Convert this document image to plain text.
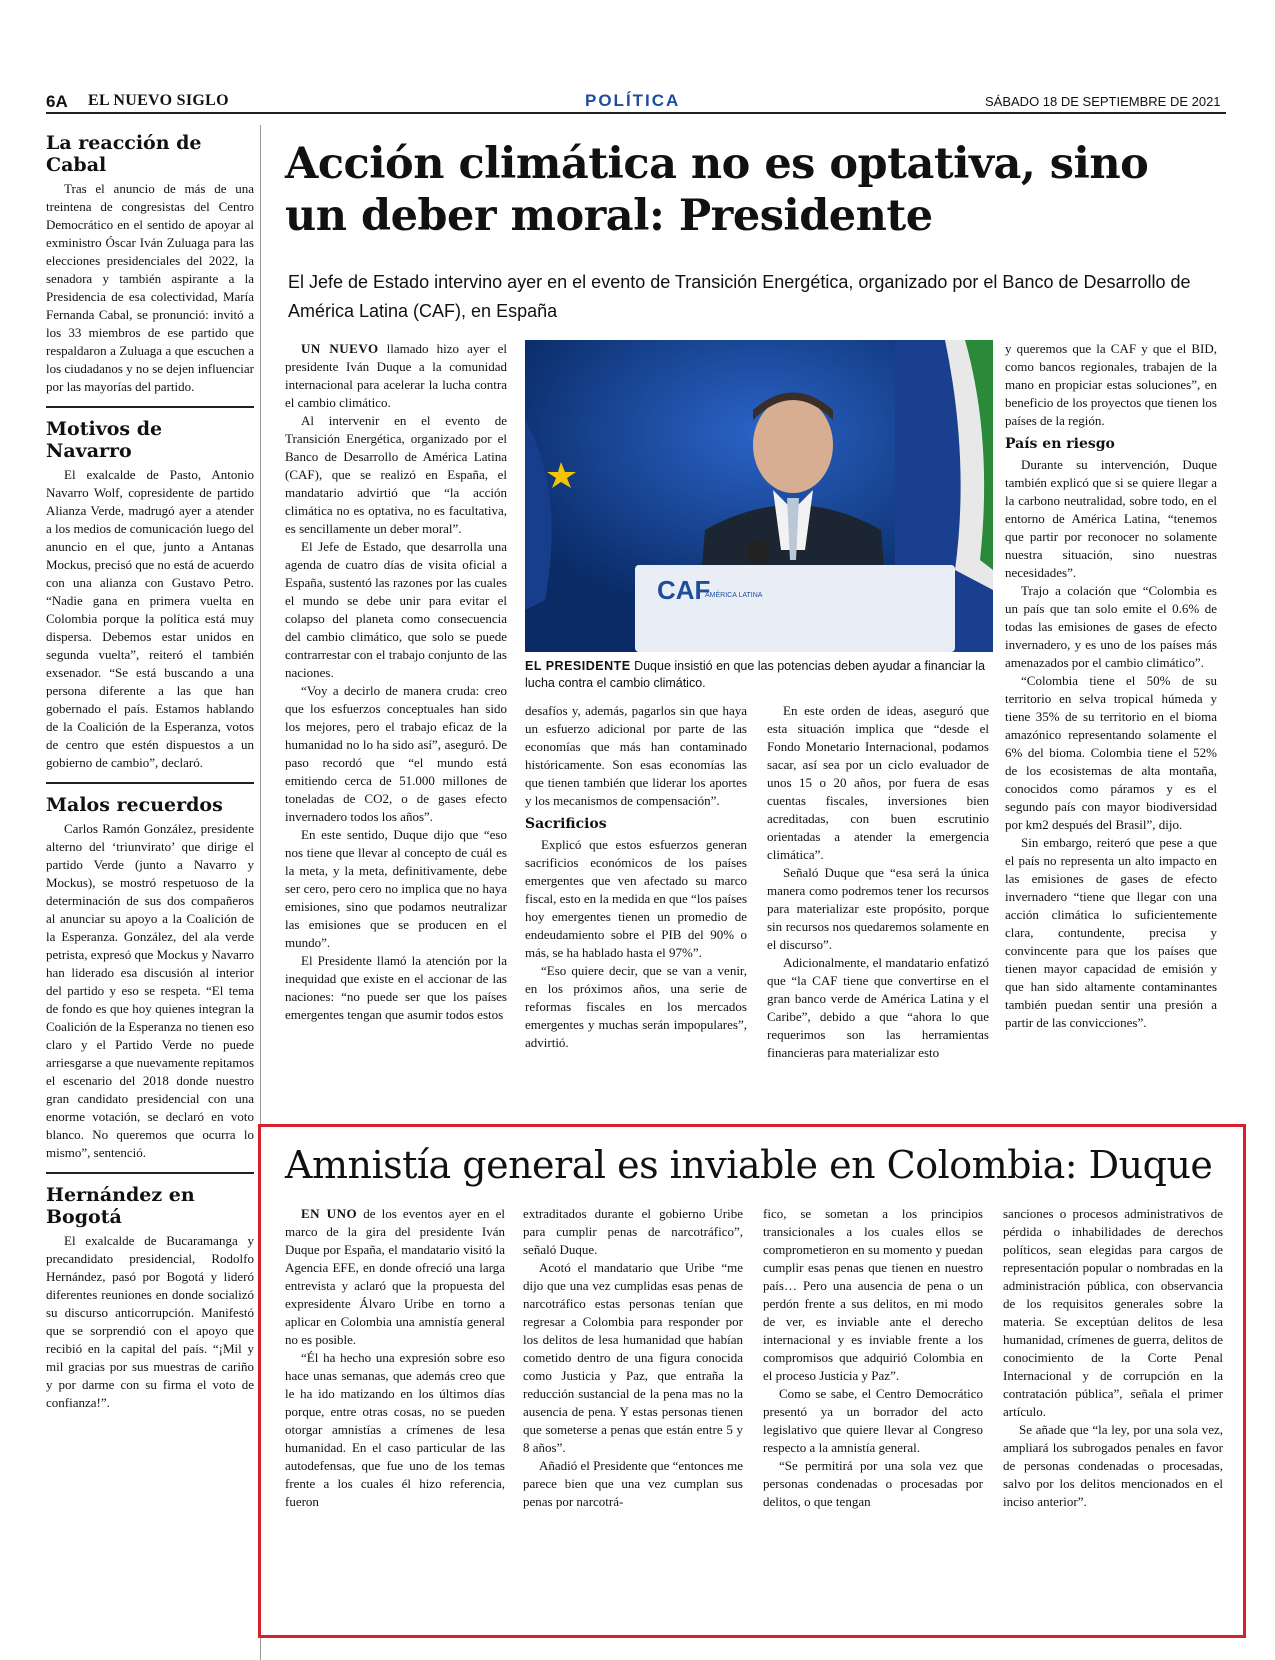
6A EL NUEVO SIGLO	POLÍTICA	SÁBADO 18 DE SEPTIEMBRE DE 2021
La reacción de Cabal

Tras el anuncio de más de una treintena de congresistas del Centro Democrático en el sentido de apoyar al exministro Óscar Iván Zuluaga para las elecciones presidenciales del 2022, la senadora y también aspirante a la Presidencia de esa colectividad, María Fernanda Cabal, se pronunció: invitó a los 33 miembros de ese partido que respaldaron a Zuluaga a que escuchen a los ciudadanos y no se dejen influenciar por las mayorías del partido.

Motivos de Navarro

El exalcalde de Pasto, Antonio Navarro Wolf, copresidente de partido Alianza Verde, madrugó ayer a atender a los medios de comunicación luego del anuncio en el que, junto a Antanas Mockus, precisó que no está de acuerdo con una alianza con Gustavo Petro. “Nadie gana en primera vuelta en Colombia porque la política está muy dispersa. Debemos estar unidos en segunda vuelta”, reiteró el también exsenador. “Se está buscando a una persona diferente a las que han gobernado el país. Estamos hablando de la Coalición de la Esperanza, votos de centro que estén dispuestos a un gobierno de cambio”, declaró.

Malos recuerdos

Carlos Ramón González, presidente alterno del ‘triunvirato’ que dirige el partido Verde (junto a Navarro y Mockus), se mostró respetuoso de la determinación de sus dos compañeros al anunciar su apoyo a la Coalición de la Esperanza. González, del ala verde petrista, expresó que Mockus y Navarro han liderado esa discusión al interior del partido y eso se respeta. “El tema de fondo es que hoy quienes integran la Coalición de la Esperanza no tienen eso claro y el Partido Verde no puede arriesgarse a que nuevamente repitamos el escenario del 2018 donde nuestro gran candidato presidencial con una enorme votación, se declaró en voto blanco. No queremos que ocurra lo mismo”, sentenció.

Hernández en Bogotá

El exalcalde de Bucaramanga y precandidato presidencial, Rodolfo Hernández, pasó por Bogotá y lideró diferentes reuniones en donde socializó su discurso anticorrupción. Manifestó que se sorprendió con el apoyo que recibió en la capital del país. “¡Mil y mil gracias por sus muestras de cariño y por darme con su firma el voto de confianza!”.

Acción climática no es optativa, sino un deber moral: Presidente
El Jefe de Estado intervino ayer en el evento de Transición Energética, organizado por el Banco de Desarrollo de América Latina (CAF), en España

UN NUEVO llamado hizo ayer el presidente Iván Duque a la comunidad internacional para acelerar la lucha contra el cambio climático.

Al intervenir en el evento de Transición Energética, organizado por el Banco de Desarrollo de América Latina (CAF), que se realizó en España, el mandatario advirtió que “la acción climática no es optativa, no es facultativa, es sencillamente un deber moral”.

El Jefe de Estado, que desarrolla una agenda de cuatro días de visita oficial a España, sustentó las razones por las cuales el mundo se debe unir para evitar el colapso del planeta como consecuencia del cambio climático, que solo se puede contrarrestar con el trabajo conjunto de las naciones.

“Voy a decirlo de manera cruda: creo que los esfuerzos conceptuales han sido los mejores, pero el trabajo eficaz de la humanidad no lo ha sido así”, aseguró. De paso recordó que “el mundo está emitiendo cerca de 51.000 millones de toneladas de CO2, o de gases efecto invernadero todos los años”.

En este sentido, Duque dijo que “eso nos tiene que llevar al concepto de cuál es la meta, y la meta, definitivamente, debe ser cero, pero cero no implica que no haya emisiones, sino que podamos neutralizar las emisiones que se producen en el mundo”.

El Presidente llamó la atención por la inequidad que existe en el accionar de las naciones: “no puede ser que los países emergentes tengan que asumir todos estos

desafíos y, además, pagarlos sin que haya un esfuerzo adicional por parte de las economías que más han contaminado históricamente. Son esas economías las que tienen también que liderar los aportes y los mecanismos de compensación”.

Sacrificios

Explicó que estos esfuerzos generan sacrificios económicos de los países emergentes que ven afectado su marco fiscal, esto en la medida en que “los países hoy emergentes tienen un promedio de endeudamiento sobre el PIB del 90% o más, se ha hablado hasta el 97%”.

“Eso quiere decir, que se van a venir, en los próximos años, una serie de reformas fiscales en los mercados emergentes y muchas serán impopulares”, advirtió.

En este orden de ideas, aseguró que esta situación implica que “desde el Fondo Monetario Internacional, podamos sacar, así sea por un ciclo evaluador de unos 15 o 20 años, por fuera de esas cuentas fiscales, inversiones bien acreditadas, con buen escrutinio orientadas a atender la emergencia climática”.

Señaló Duque que “esa será la única manera como podremos tener los recursos para materializar este propósito, porque sin recursos nos quedaremos solamente en el discurso”.

Adicionalmente, el mandatario enfatizó que “la CAF tiene que convertirse en el gran banco verde de América Latina y el Caribe”, debido a que “ahora lo que requerimos son las herramientas financieras para materializar esto

y queremos que la CAF y que el BID, como bancos regionales, trabajen de la mano en propiciar estas soluciones”, en beneficio de los proyectos que tienen los países de la región.

País en riesgo

Durante su intervención, Duque también explicó que si se quiere llegar a la carbono neutralidad, sobre todo, en el entorno de América Latina, “tenemos que partir por reconocer no solamente nuestra situación, sino nuestras necesidades”.

Trajo a colación que “Colombia es un país que tan solo emite el 0.6% de todas las emisiones de gases de efecto invernadero, y es uno de los países más amenazados por el cambio climático”.

“Colombia tiene el 50% de su territorio en selva tropical húmeda y tiene 35% de su territorio en el bioma amazónico representando solamente el 6% del bioma. Colombia tiene el 52% de los ecosistemas de alta montaña, conocidos como páramos y es el segundo país con mayor biodiversidad por km2 después del Brasil”, dijo.

Sin embargo, reiteró que pese a que el país no representa un alto impacto en las emisiones de gases de efecto invernadero “tiene que llegar con una acción climática lo suficientemente clara, contundente, precisa y convincente para que los países que tienen mayor capacidad de emisión y que han sido altamente contaminantes también puedan sentir una presión a partir de las convicciones”.

CAF
AMÉRICA LATINA
EL PRESIDENTE Duque insistió en que las potencias deben ayudar a financiar la lucha contra el cambio climático.
Amnistía general es inviable en Colombia: Duque

EN UNO de los eventos ayer en el marco de la gira del presidente Iván Duque por España, el mandatario visitó la Agencia EFE, en donde ofreció una larga entrevista y aclaró que la propuesta del expresidente Álvaro Uribe en torno a aplicar en Colombia una amnistía general no es posible.

“Él ha hecho una expresión sobre eso hace unas semanas, que además creo que le ha ido matizando en los últimos días porque, entre otras cosas, no se pueden otorgar amnistías a crímenes de lesa humanidad. En el caso particular de las autodefensas, que fue uno de los temas frente a los cuales él hizo referencia, fueron

extraditados durante el gobierno Uribe para cumplir penas de narcotráfico”, señaló Duque.

Acotó el mandatario que Uribe “me dijo que una vez cumplidas esas penas de narcotráfico estas personas tenían que regresar a Colombia para responder por los delitos de lesa humanidad que habían cometido dentro de una figura conocida como Justicia y Paz, que entraña la reducción sustancial de la pena mas no la ausencia de pena. Y estas personas tienen que someterse a penas que están entre 5 y 8 años”.

Añadió el Presidente que “entonces me parece bien que una vez cumplan sus penas por narcotrá-

fico, se sometan a los principios transicionales a los cuales ellos se comprometieron en su momento y puedan cumplir esas penas que tienen en nuestro país… Pero una ausencia de pena o un perdón frente a sus delitos, en mi modo de ver, es inviable ante el derecho internacional y es inviable frente a los compromisos que adquirió Colombia en el proceso Justicia y Paz”.

Como se sabe, el Centro Democrático presentó ya un borrador del acto legislativo que quiere llevar al Congreso respecto a la amnistía general.

“Se permitirá por una sola vez que personas condenadas o procesadas por delitos, o que tengan

sanciones o procesos administrativos de pérdida o inhabilidades de derechos políticos, sean elegidas para cargos de representación popular o nombradas en la administración pública, con observancia de los requisitos generales sobre la materia. Se exceptúan delitos de lesa humanidad, crímenes de guerra, delitos de conocimiento de la Corte Penal Internacional y de corrupción en la contratación pública”, señala el primer artículo.

Se añade que “la ley, por una sola vez, ampliará los subrogados penales en favor de personas condenadas o procesadas, salvo por los delitos mencionados en el inciso anterior”.
